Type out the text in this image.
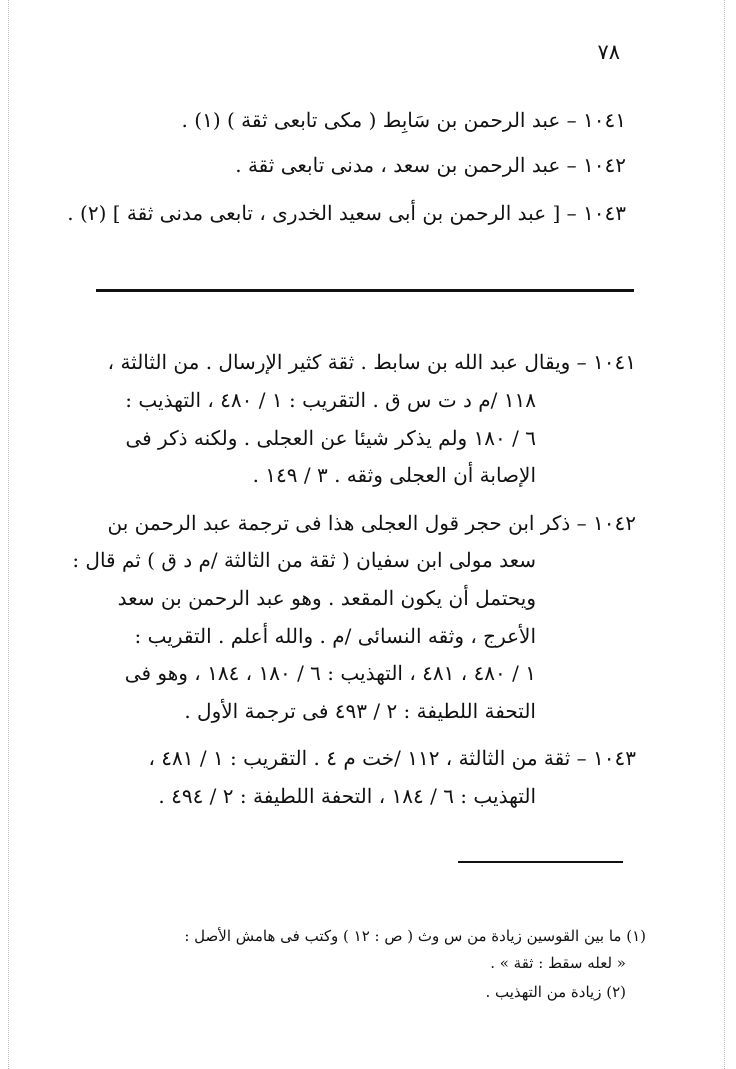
٧٨
١٠٤١ – عبد الرحمن بن سَابِط ( مكى تابعى ثقة ) (١) .
١٠٤٢ – عبد الرحمن بن سعد ، مدنى تابعى ثقة .
١٠٤٣ – [ عبد الرحمن بن أبى سعيد الخدرى ، تابعى مدنى ثقة ] (٢) .
١٠٤١ – ويقال عبد الله بن سابط . ثقة كثير الإرسال . من الثالثة ،
١١٨ /م د ت س ق . التقريب : ١ / ٤٨٠ ، التهذيب :
٦ / ١٨٠ ولم يذكر شيئا عن العجلى . ولكنه ذكر فى
الإصابة أن العجلى وثقه . ٣ / ١٤٩ .
١٠٤٢ – ذكر ابن حجر قول العجلى هذا فى ترجمة عبد الرحمن بن
سعد مولى ابن سفيان ( ثقة من الثالثة /م د ق ) ثم قال :
ويحتمل أن يكون المقعد . وهو عبد الرحمن بن سعد
الأعرج ، وثقه النسائى /م . والله أعلم . التقريب :
١ / ٤٨٠ ، ٤٨١ ، التهذيب : ٦ / ١٨٠ ، ١٨٤ ، وهو فى
التحفة اللطيفة : ٢ / ٤٩٣ فى ترجمة الأول .
١٠٤٣ – ثقة من الثالثة ، ١١٢ /خت م ٤ . التقريب : ١ / ٤٨١ ،
التهذيب : ٦ / ١٨٤ ، التحفة اللطيفة : ٢ / ٤٩٤ .
(١) ما بين القوسين زيادة من س وث ( ص : ١٢ ) وكتب فى هامش الأصل :
« لعله سقط : ثقة » .
(٢) زيادة من التهذيب .
